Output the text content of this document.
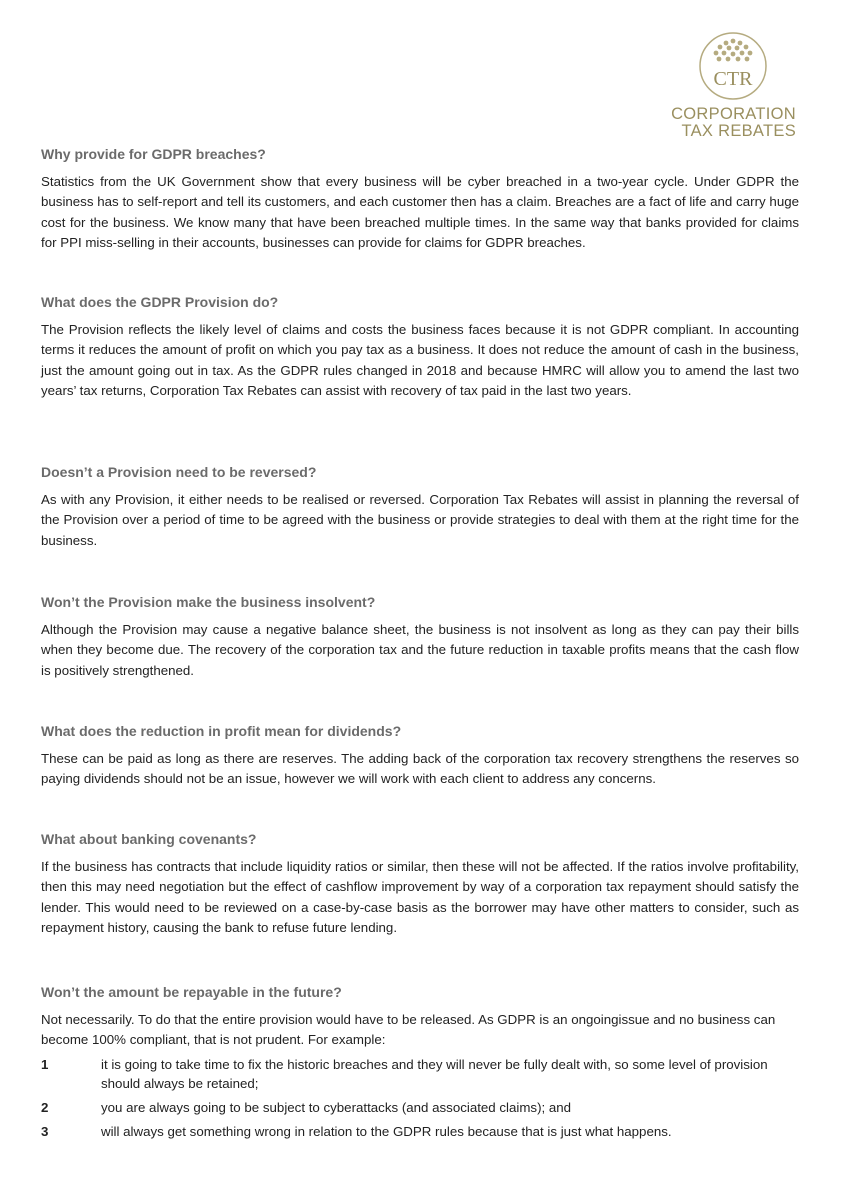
CTR
CORPORATION
TAX REBATES
Why provide for GDPR breaches?

Statistics from the UK Government show that every business will be cyber breached in a two-year cycle. Under GDPR the business has to self-report and tell its customers, and each customer then has a claim. Breaches are a fact of life and carry huge cost for the business. We know many that have been breached multiple times. In the same way that banks provided for claims for PPI miss-selling in their accounts, businesses can provide for claims for GDPR breaches.

What does the GDPR Provision do?

The Provision reflects the likely level of claims and costs the business faces because it is not GDPR compliant. In accounting terms it reduces the amount of profit on which you pay tax as a business. It does not reduce the amount of cash in the business, just the amount going out in tax. As the GDPR rules changed in 2018 and because HMRC will allow you to amend the last two years’ tax returns, Corporation Tax Rebates can assist with recovery of tax paid in the last two years.

Doesn’t a Provision need to be reversed?

As with any Provision, it either needs to be realised or reversed. Corporation Tax Rebates will assist in planning the reversal of the Provision over a period of time to be agreed with the business or provide strategies to deal with them at the right time for the business.

Won’t the Provision make the business insolvent?

Although the Provision may cause a negative balance sheet, the business is not insolvent as long as they can pay their bills when they become due. The recovery of the corporation tax and the future reduction in taxable profits means that the cash flow is positively strengthened.

What does the reduction in profit mean for dividends?

These can be paid as long as there are reserves. The adding back of the corporation tax recovery strengthens the reserves so paying dividends should not be an issue, however we will work with each client to address any concerns.

What about banking covenants?

If the business has contracts that include liquidity ratios or similar, then these will not be affected. If the ratios involve profitability, then this may need negotiation but the effect of cashflow improvement by way of a corporation tax repayment should satisfy the lender. This would need to be reviewed on a case-by-case basis as the borrower may have other matters to consider, such as repayment history, causing the bank to refuse future lending.

Won’t the amount be repayable in the future?

Not necessarily. To do that the entire provision would have to be released. As GDPR is an ongoingissue and no business can become 100% compliant, that is not prudent. For example:

1	it is going to take time to fix the historic breaches and they will never be fully dealt with, so some level of provision should always be retained;
2	you are always going to be subject to cyberattacks (and associated claims); and
3	will always get something wrong in relation to the GDPR rules because that is just what happens.
